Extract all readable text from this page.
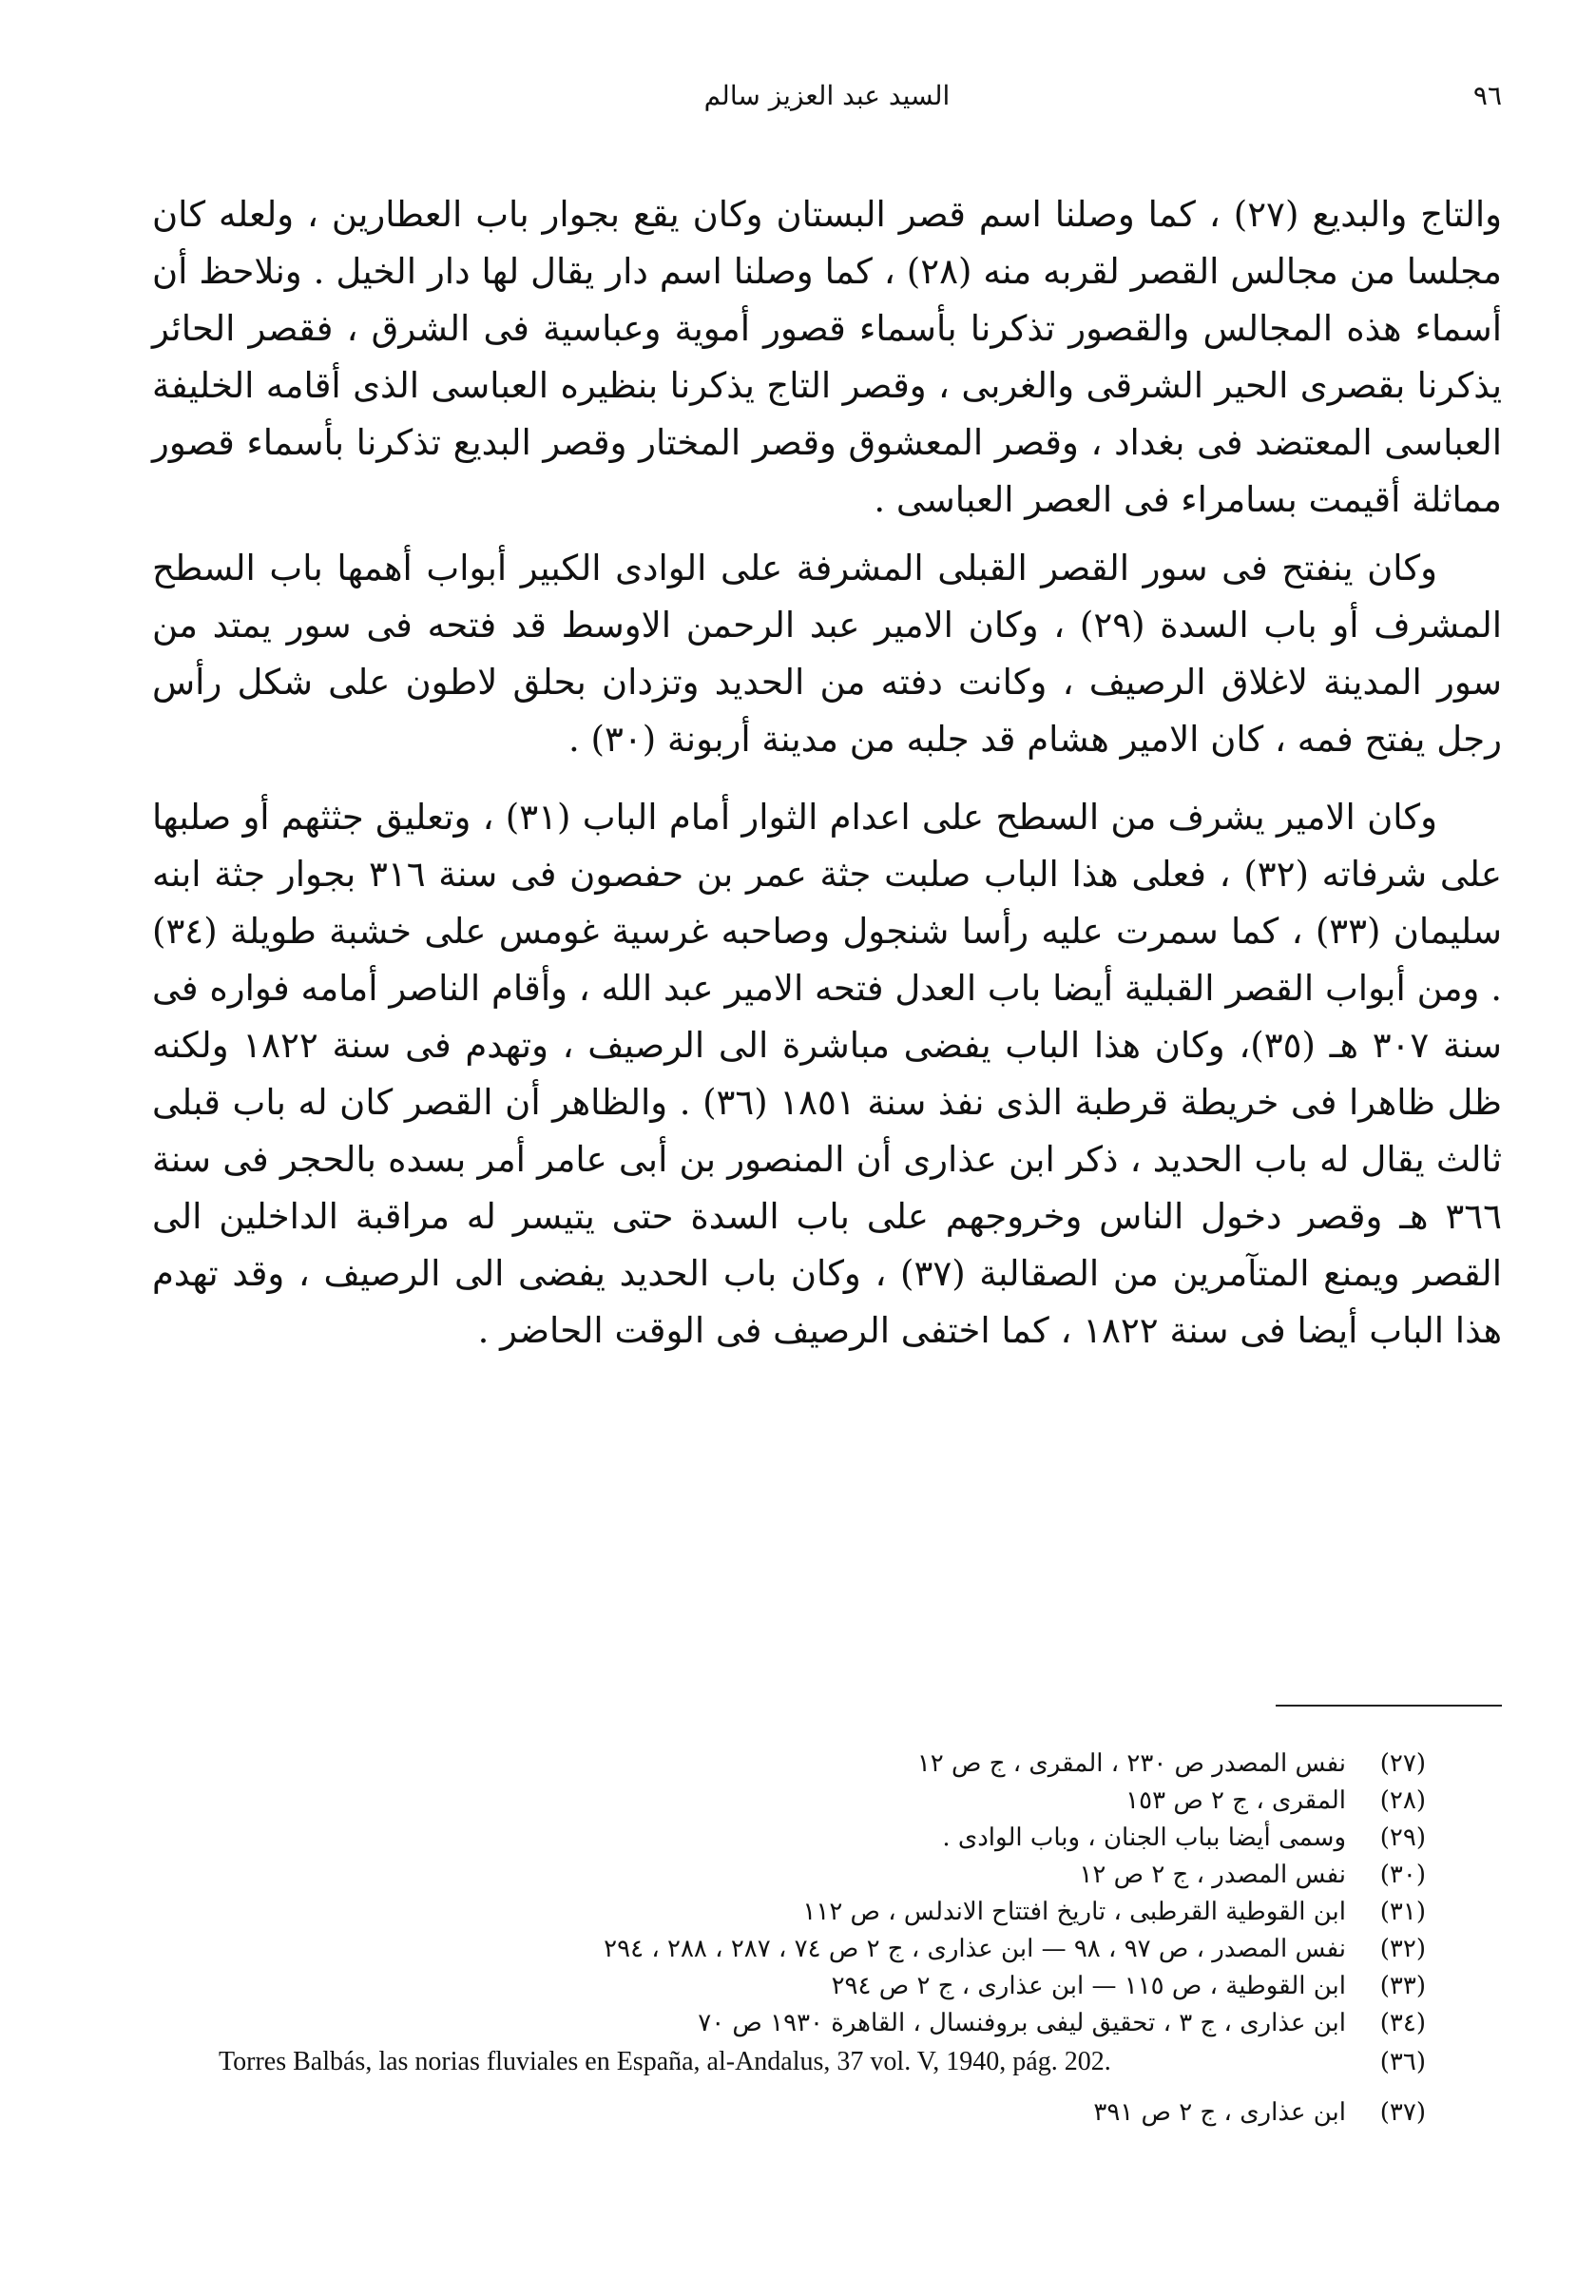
٩٦
السيد عبد العزيز سالم

والتاج والبديع (٢٧) ، كما وصلنا اسم قصر البستان وكان يقع بجوار باب العطارين ، ولعله كان مجلسا من مجالس القصر لقربه منه (٢٨) ، كما وصلنا اسم دار يقال لها دار الخيل . ونلاحظ أن أسماء هذه المجالس والقصور تذكرنا بأسماء قصور أموية وعباسية فى الشرق ، فقصر الحائر يذكرنا بقصرى الحير الشرقى والغربى ، وقصر التاج يذكرنا بنظيره العباسى الذى أقامه الخليفة العباسى المعتضد فى بغداد ، وقصر المعشوق وقصر المختار وقصر البديع تذكرنا بأسماء قصور مماثلة أقيمت بسامراء فى العصر العباسى .

وكان ينفتح فى سور القصر القبلى المشرفة على الوادى الكبير أبواب أهمها باب السطح المشرف أو باب السدة (٢٩) ، وكان الامير عبد الرحمن الاوسط قد فتحه فى سور يمتد من سور المدينة لاغلاق الرصيف ، وكانت دفته من الحديد وتزدان بحلق لاطون على شكل رأس رجل يفتح فمه ، كان الامير هشام قد جلبه من مدينة أربونة (٣٠) .

وكان الامير يشرف من السطح على اعدام الثوار أمام الباب (٣١) ، وتعليق جثثهم أو صلبها على شرفاته (٣٢) ، فعلى هذا الباب صلبت جثة عمر بن حفصون فى سنة ٣١٦ بجوار جثة ابنه سليمان (٣٣) ، كما سمرت عليه رأسا شنجول وصاحبه غرسية غومس على خشبة طويلة (٣٤) . ومن أبواب القصر القبلية أيضا باب العدل فتحه الامير عبد الله ، وأقام الناصر أمامه فواره فى سنة ٣٠٧ هـ (٣٥)، وكان هذا الباب يفضى مباشرة الى الرصيف ، وتهدم فى سنة ١٨٢٢ ولكنه ظل ظاهرا فى خريطة قرطبة الذى نفذ سنة ١٨٥١ (٣٦) . والظاهر أن القصر كان له باب قبلى ثالث يقال له باب الحديد ، ذكر ابن عذارى أن المنصور بن أبى عامر أمر بسده بالحجر فى سنة ٣٦٦ هـ وقصر دخول الناس وخروجهم على باب السدة حتى يتيسر له مراقبة الداخلين الى القصر ويمنع المتآمرين من الصقالبة (٣٧) ، وكان باب الحديد يفضى الى الرصيف ، وقد تهدم هذا الباب أيضا فى سنة ١٨٢٢ ، كما اختفى الرصيف فى الوقت الحاضر .

نفس المصدر ص ٢٣٠ ، المقرى ، ج ص ١٢	(٢٧)
المقرى ، ج ٢ ص ١٥٣	(٢٨)
وسمى أيضا بباب الجنان ، وباب الوادى .	(٢٩)
نفس المصدر ، ج ٢ ص ١٢	(٣٠)
ابن القوطية القرطبى ، تاريخ افتتاح الاندلس ، ص ١١٢	(٣١)
نفس المصدر ، ص ٩٧ ، ٩٨ — ابن عذارى ، ج ٢ ص ٧٤ ، ٢٨٧ ، ٢٨٨ ، ٢٩٤	(٣٢)
ابن القوطية ، ص ١١٥ — ابن عذارى ، ج ٢ ص ٢٩٤	(٣٣)
ابن عذارى ، ج ٣ ، تحقيق ليفى بروفنسال ، القاهرة ١٩٣٠ ص ٧٠	(٣٤)
Torres Balbás, las norias fluviales en España, al-Andalus, 37 vol. V, 1940, pág. 202.	(٣٦)
ابن عذارى ، ج ٢ ص ٣٩١	(٣٧)
